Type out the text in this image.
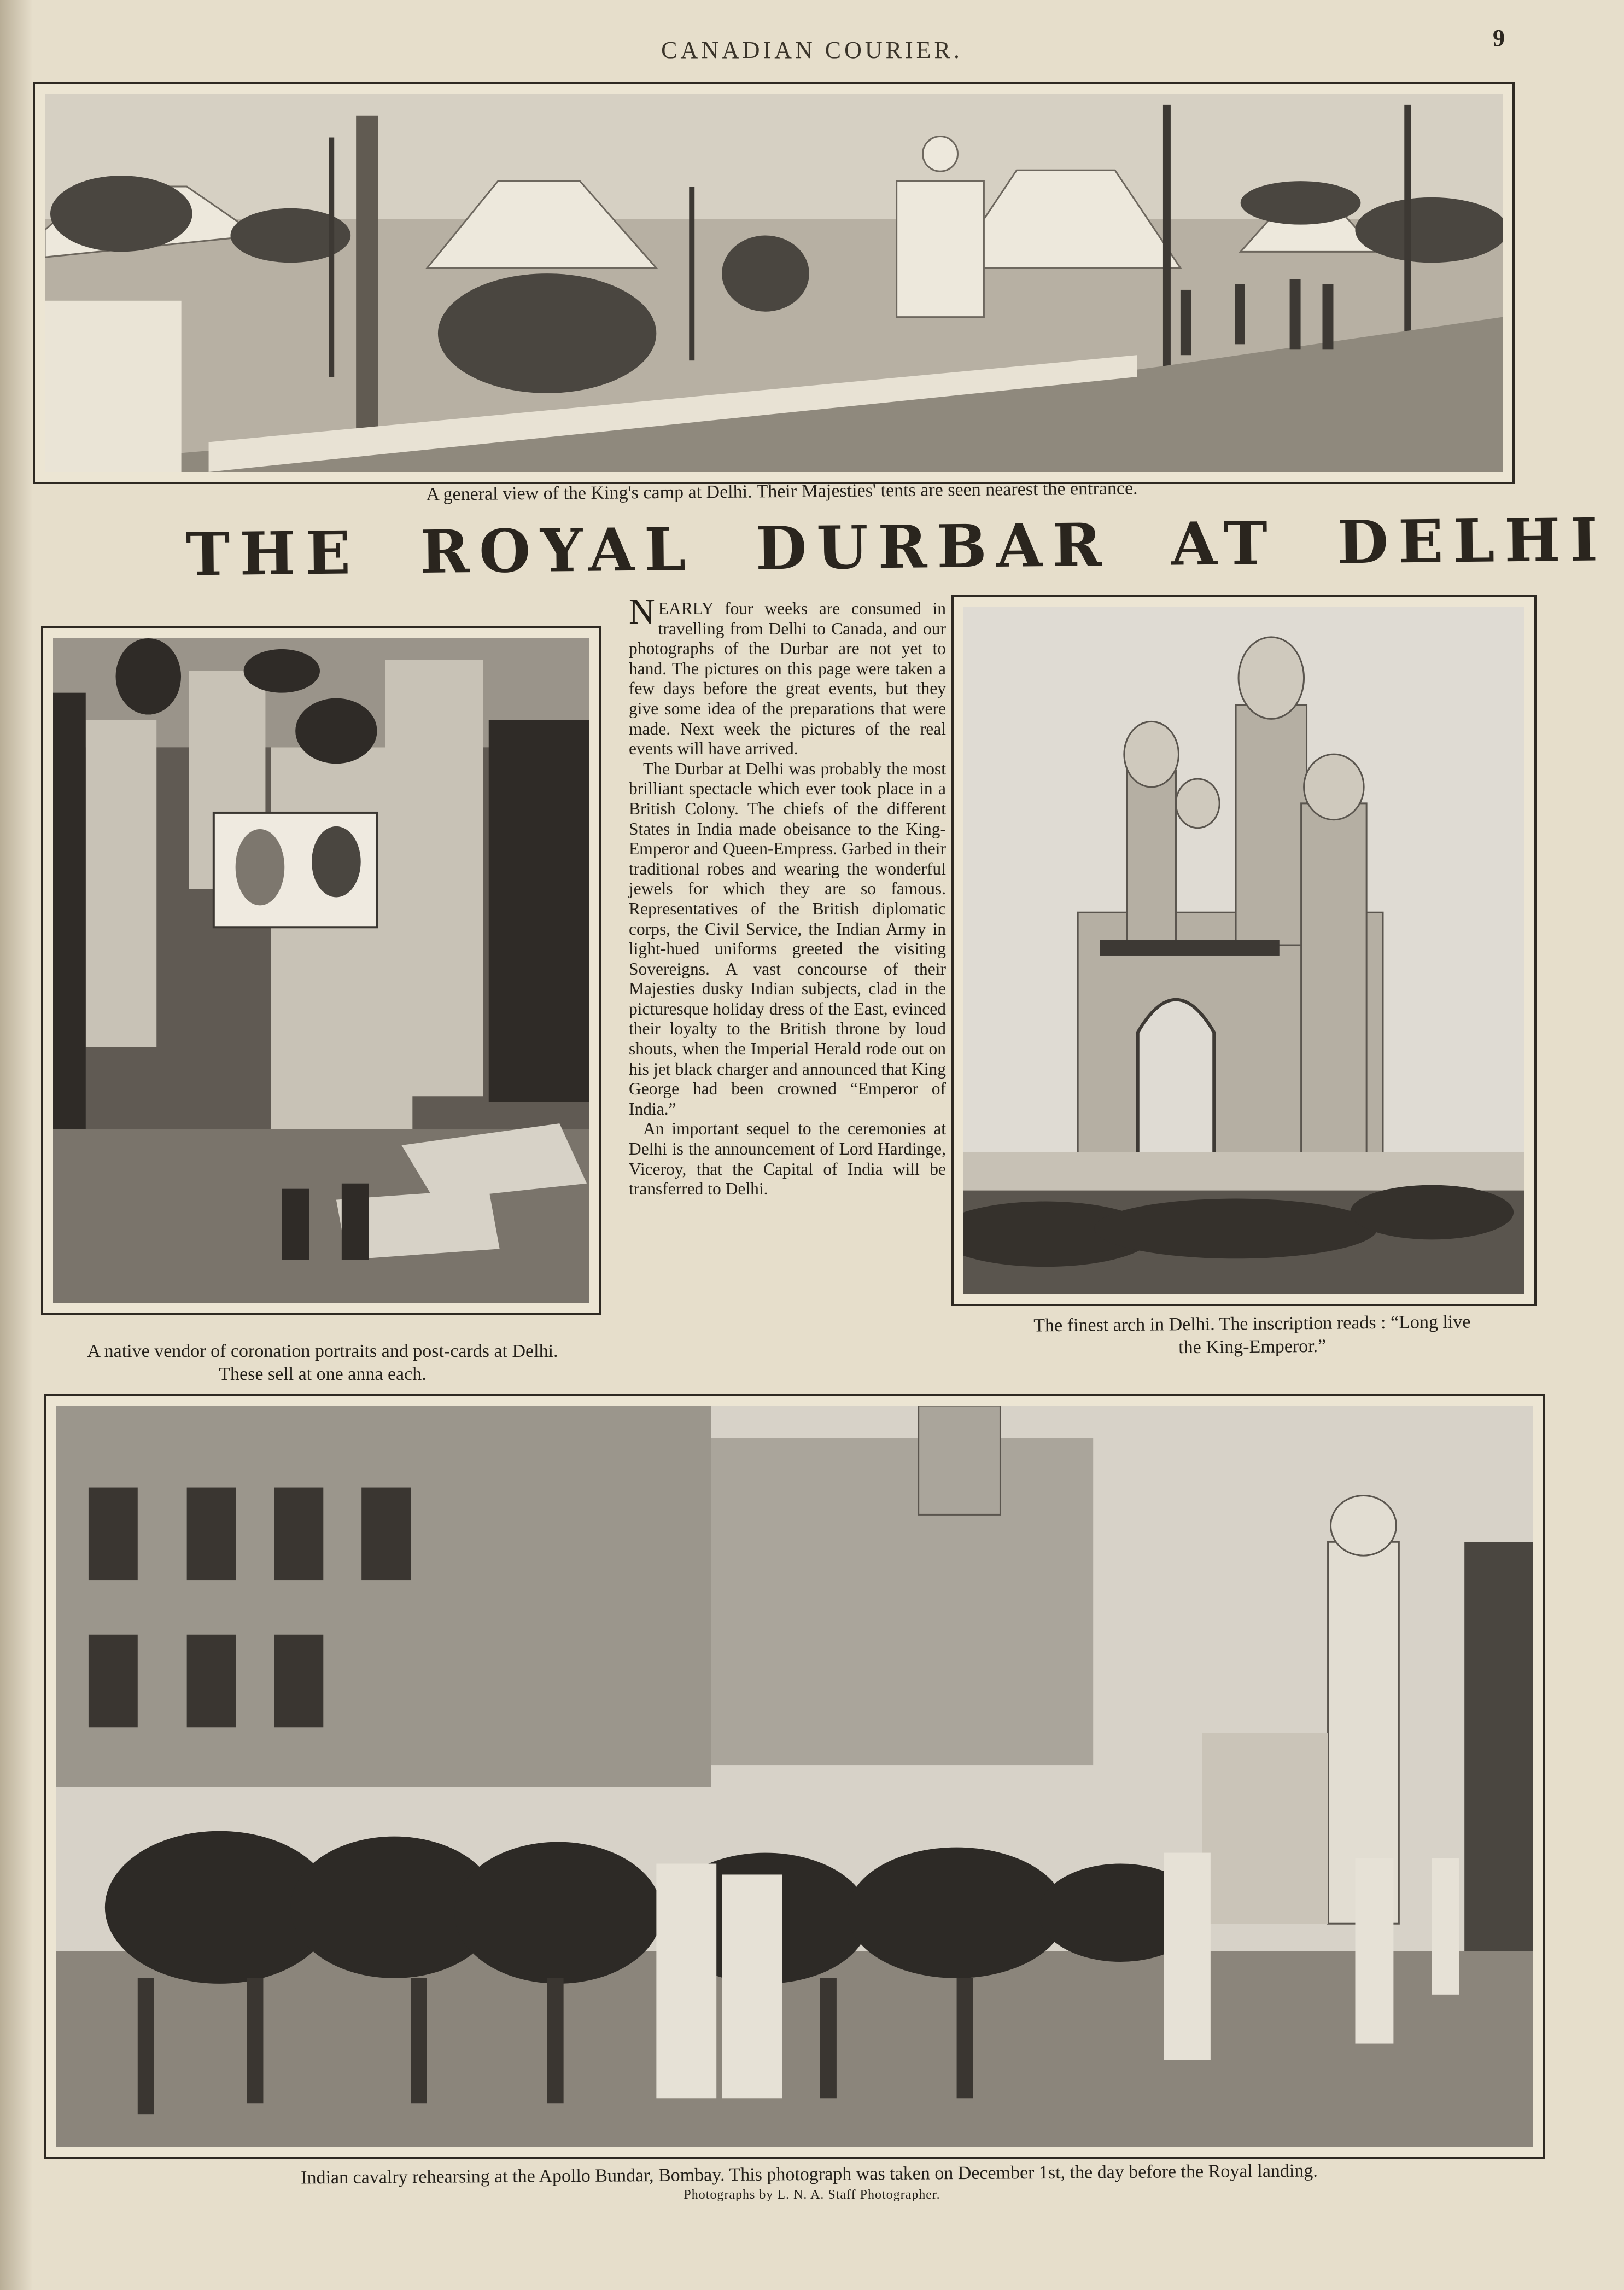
CANADIAN COURIER.	9
A general view of the King's camp at Delhi. Their Majesties' tents are seen nearest the entrance.
THE ROYAL DURBAR AT DELHI
A native vendor of coronation portraits and post-cards at Delhi.
These sell at one anna each.

NEARLY four weeks are consumed in travelling from Delhi to Canada, and our photographs of the Durbar are not yet to hand. The pictures on this page were taken a few days before the great events, but they give some idea of the preparations that were made. Next week the pictures of the real events will have arrived.

The Durbar at Delhi was probably the most brilliant spectacle which ever took place in a British Colony. The chiefs of the different States in India made obeisance to the King-Emperor and Queen-Empress. Garbed in their traditional robes and wearing the wonderful jewels for which they are so famous. Representatives of the British diplomatic corps, the Civil Service, the Indian Army in light-hued uniforms greeted the visiting Sovereigns. A vast concourse of their Majesties dusky Indian subjects, clad in the picturesque holiday dress of the East, evinced their loyalty to the British throne by loud shouts, when the Imperial Herald rode out on his jet black charger and announced that King George had been crowned “Emperor of India.”

An important sequel to the ceremonies at Delhi is the announcement of Lord Hardinge, Viceroy, that the Capital of India will be transferred to Delhi.

The finest arch in Delhi. The inscription reads : “Long live
the King-Emperor.”
Indian cavalry rehearsing at the Apollo Bundar, Bombay. This photograph was taken on December 1st, the day before the Royal landing.
Photographs by L. N. A. Staff Photographer.
